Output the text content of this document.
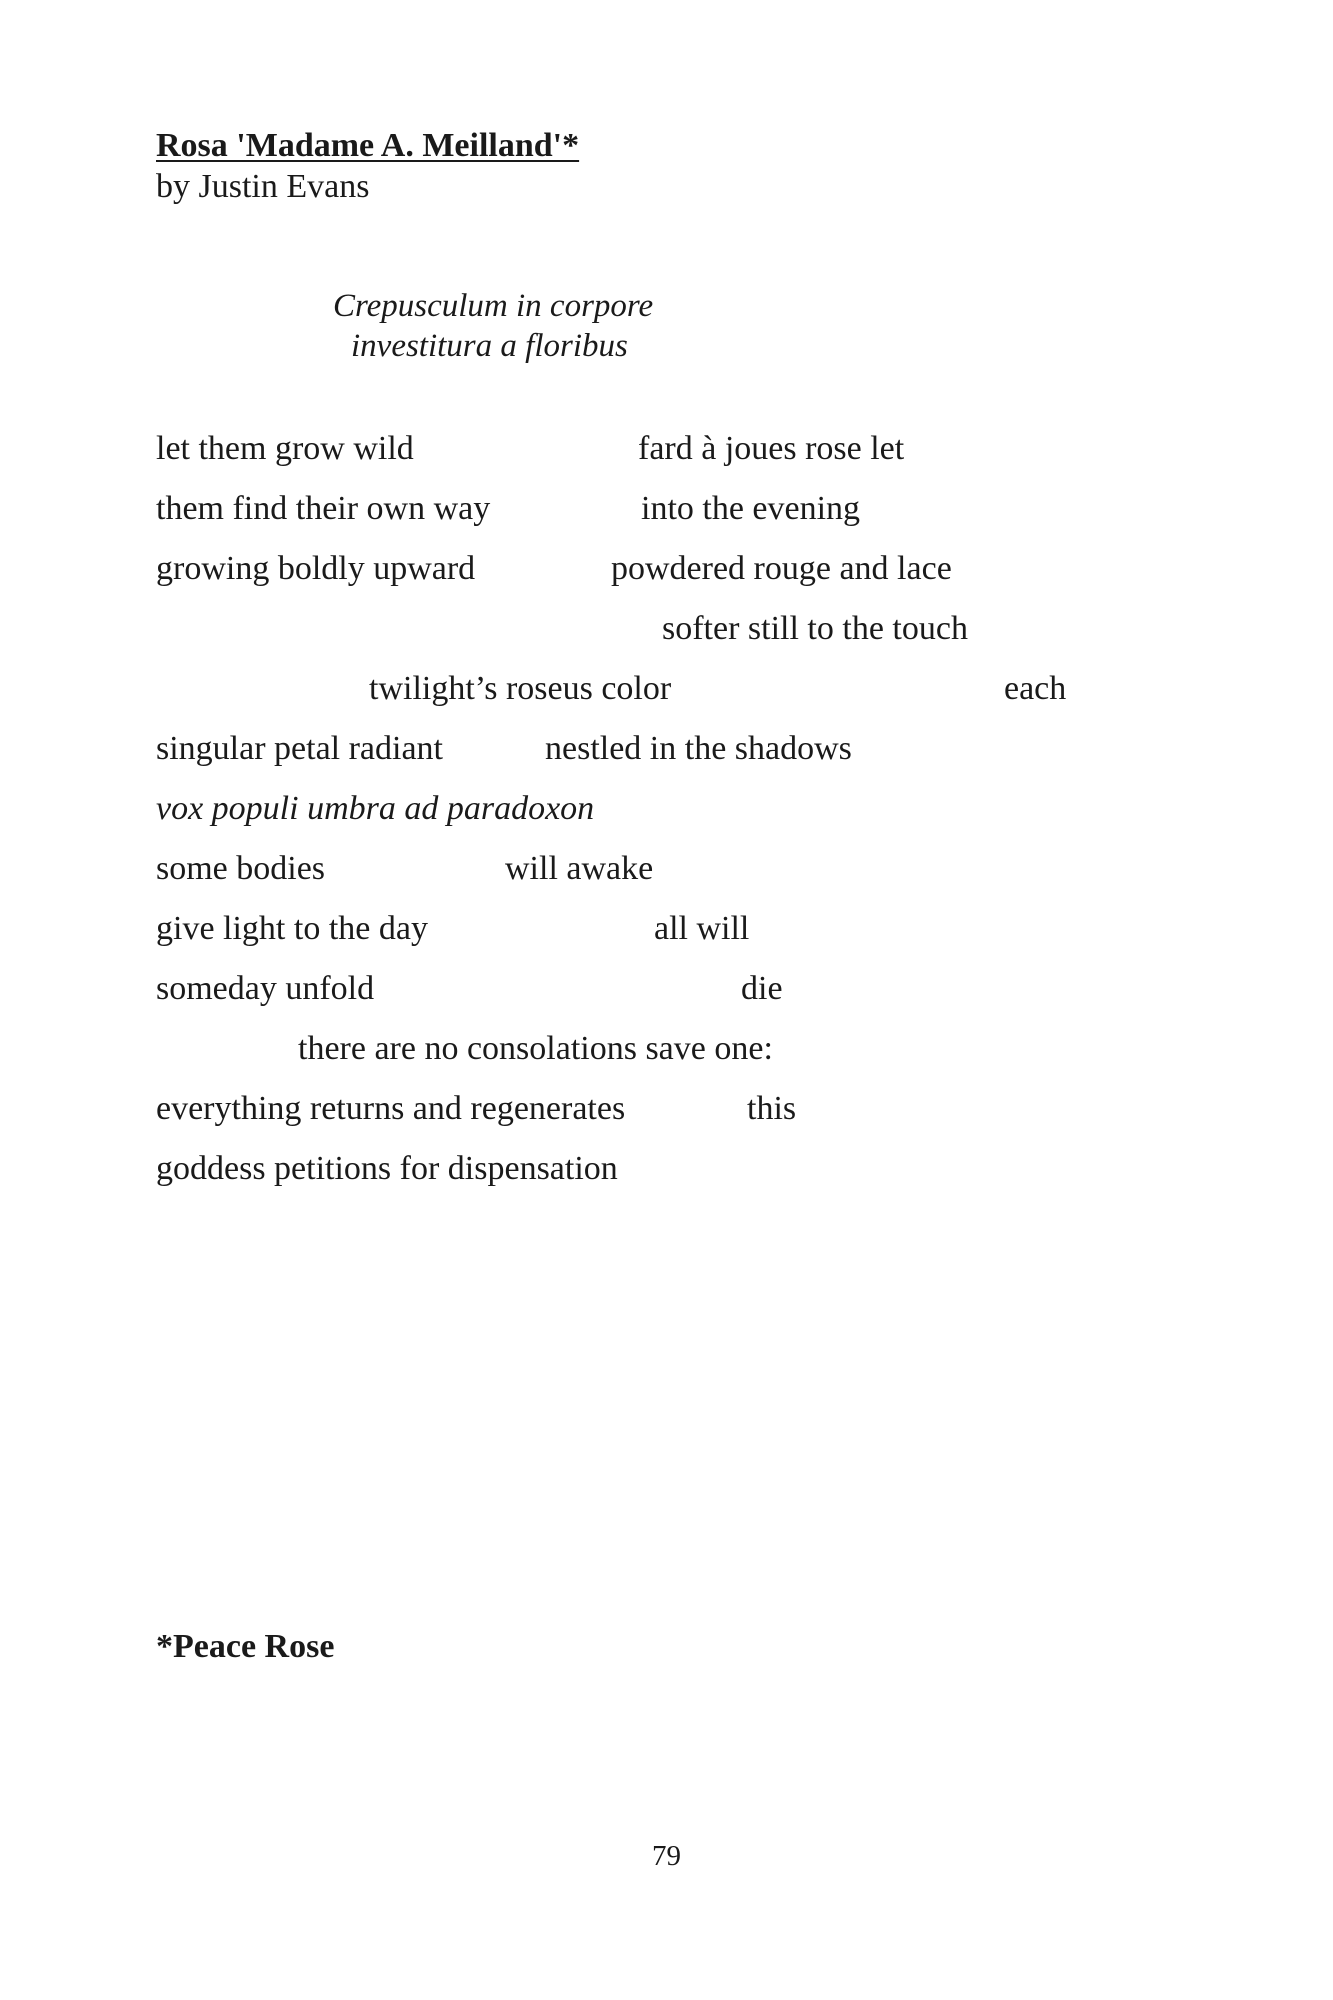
Rosa 'Madame A. Meilland'*
by Justin Evans
Crepusculum in corpore
investitura a floribus
let them grow wild	fard à joues rose let
them find their own way	into the evening
growing boldly upward	powdered rouge and lace
softer still to the touch
twilight’s roseus color	each
singular petal radiant	nestled in the shadows
vox populi umbra ad paradoxon
some bodies	will awake
give light to the day	all will
someday unfold	die
there are no consolations save one:
everything returns and regenerates	this
goddess petitions for dispensation
*Peace Rose
79
